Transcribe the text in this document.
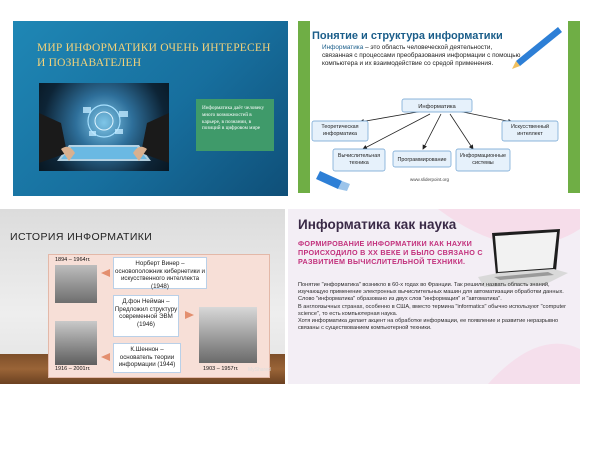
МИР ИНФОРМАТИКИ ОЧЕНЬ ИНТЕРЕСЕН И ПОЗНАВАТЕЛЕН
Информатика даёт человеку много возможностей в карьере, в познании, в позиций в цифровом мире
Понятие и структура информатики
Информатика – это область человеческой деятельности, связанная с процессами преобразования информации с помощью компьютера и их взаимодействие со средой применения.
Информатика
Теоретическая информатика
Искусственный интеллект
Вычислительная техника	Программирование
Информационные системы
www.sliderpoint.org
ИСТОРИЯ ИНФОРМАТИКИ
1894 – 1964гг.
1916 – 2001гг.	1903 – 1957гг.
Норберт Винер – основоположник кибернетики и искусственного интеллекта (1948)
Д.фон Нейман – Предложил структуру современной ЭВМ (1946)
К.Шеннон – основатель теории информации (1944)
MyShared
Информатика как наука
ФОРМИРОВАНИЕ ИНФОРМАТИКИ КАК НАУКИ ПРОИСХОДИЛО В XX ВЕКЕ И БЫЛО СВЯЗАНО С РАЗВИТИЕМ ВЫЧИСЛИТЕЛЬНОЙ ТЕХНИКИ.

Понятие "информатика" возникло в 60-х годах во Франции. Так решили назвать область знаний, изучающую применение электронных вычислительных машин для автоматизации обработки данных. Слово "информатика" образовано из двух слов "информация" и "автоматика".

В англоязычных странах, особенно в США, вместо термина "informatics" обычно используют "computer science", то есть компьютерная наука.

Хотя информатика делает акцент на обработке информации, ее появление и развитие неразрывно связаны с существованием компьютерной техники.
